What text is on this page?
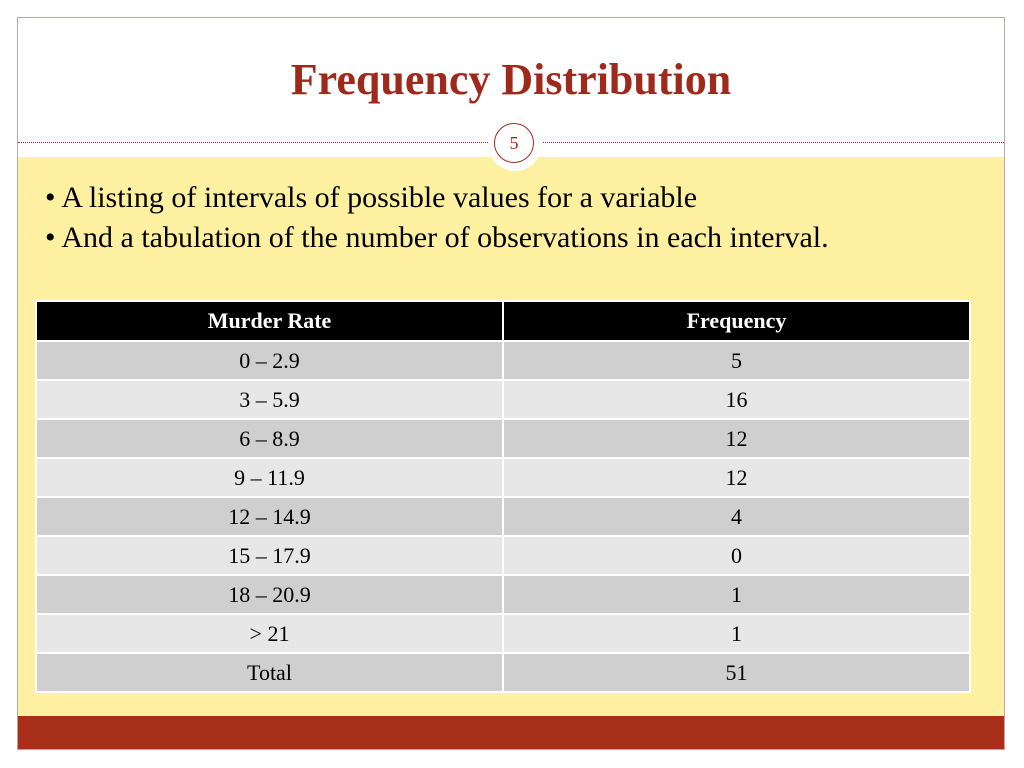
Frequency Distribution
5
• A listing of intervals of possible values for a variable
• And a tabulation of the number of observations in each interval.
Murder Rate	Frequency
0 – 2.9	5
3 – 5.9	16
6 – 8.9	12
9 – 11.9	12
12 – 14.9	4
15 – 17.9	0
18 – 20.9	1
> 21	1
Total	51
